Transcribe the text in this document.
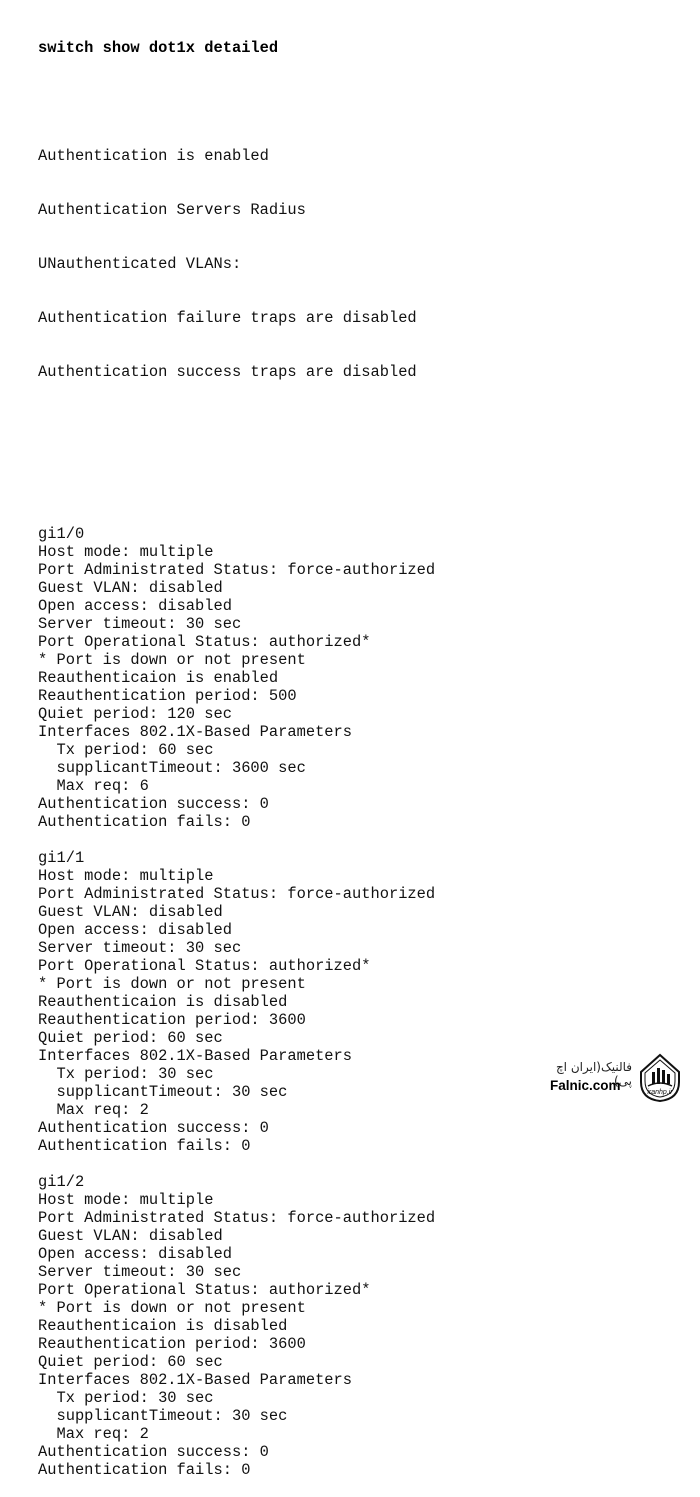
switch show dot1x detailed

Authentication is enabled

Authentication Servers Radius

UNauthenticated VLANs:

Authentication failure traps are disabled

Authentication success traps are disabled

gi1/0
Host mode: multiple
Port Administrated Status: force-authorized
Guest VLAN: disabled
Open access: disabled
Server timeout: 30 sec
Port Operational Status: authorized*
* Port is down or not present
Reauthenticaion is enabled
Reauthentication period: 500
Quiet period: 120 sec
Interfaces 802.1X-Based Parameters
Tx period: 60 sec
supplicantTimeout: 3600 sec
Max req: 6
Authentication success: 0
Authentication fails: 0

gi1/1
Host mode: multiple
Port Administrated Status: force-authorized
Guest VLAN: disabled
Open access: disabled
Server timeout: 30 sec
Port Operational Status: authorized*
* Port is down or not present
Reauthenticaion is disabled
Reauthentication period: 3600
Quiet period: 60 sec
Interfaces 802.1X-Based Parameters
Tx period: 30 sec
supplicantTimeout: 30 sec
Max req: 2
Authentication success: 0
Authentication fails: 0

gi1/2
Host mode: multiple
Port Administrated Status: force-authorized
Guest VLAN: disabled
Open access: disabled
Server timeout: 30 sec
Port Operational Status: authorized*
* Port is down or not present
Reauthenticaion is disabled
Reauthentication period: 3600
Quiet period: 60 sec
Interfaces 802.1X-Based Parameters
Tx period: 30 sec
supplicantTimeout: 30 sec
Max req: 2
Authentication success: 0
Authentication fails: 0

فالنیک(ایران اچ پی)
Falnic.com	iranhp.ir
